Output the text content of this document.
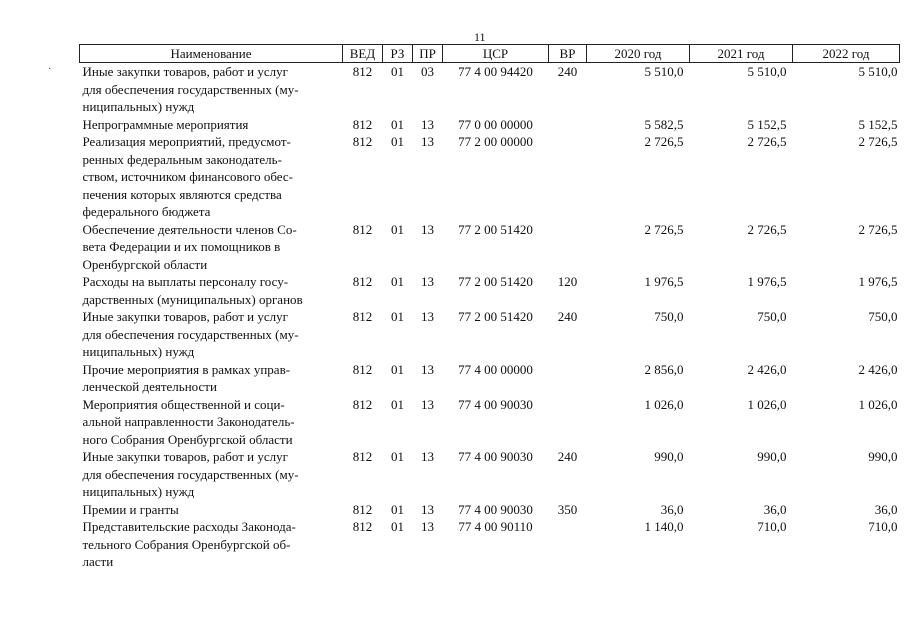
11
·
Наименование	ВЕД	РЗ	ПР	ЦСР	ВР	2020 год	2021 год	2022 год

Иные закупки товаров, работ и услуг
для обеспечения государственных (му-
ниципальных) нужд	812	01	03	77 4 00 94420	240	5 510,0	5 510,0	5 510,0

Непрограммные мероприятия	812	01	13	77 0 00 00000		5 582,5	5 152,5	5 152,5

Реализация мероприятий, предусмот-
ренных федеральным законодатель-
ством, источником финансового обес-
печения которых являются средства
федерального бюджета	812	01	13	77 2 00 00000		2 726,5	2 726,5	2 726,5

Обеспечение деятельности членов Со-
вета Федерации и их помощников в
Оренбургской области	812	01	13	77 2 00 51420		2 726,5	2 726,5	2 726,5

Расходы на выплаты персоналу госу-
дарственных (муниципальных) органов	812	01	13	77 2 00 51420	120	1 976,5	1 976,5	1 976,5

Иные закупки товаров, работ и услуг
для обеспечения государственных (му-
ниципальных) нужд	812	01	13	77 2 00 51420	240	750,0	750,0	750,0

Прочие мероприятия в рамках управ-
ленческой деятельности	812	01	13	77 4 00 00000		2 856,0	2 426,0	2 426,0

Мероприятия общественной и соци-
альной направленности Законодатель-
ного Собрания Оренбургской области	812	01	13	77 4 00 90030		1 026,0	1 026,0	1 026,0

Иные закупки товаров, работ и услуг
для обеспечения государственных (му-
ниципальных) нужд	812	01	13	77 4 00 90030	240	990,0	990,0	990,0

Премии и гранты	812	01	13	77 4 00 90030	350	36,0	36,0	36,0

Представительские расходы Законода-
тельного Собрания Оренбургской об-
ласти	812	01	13	77 4 00 90110		1 140,0	710,0	710,0
